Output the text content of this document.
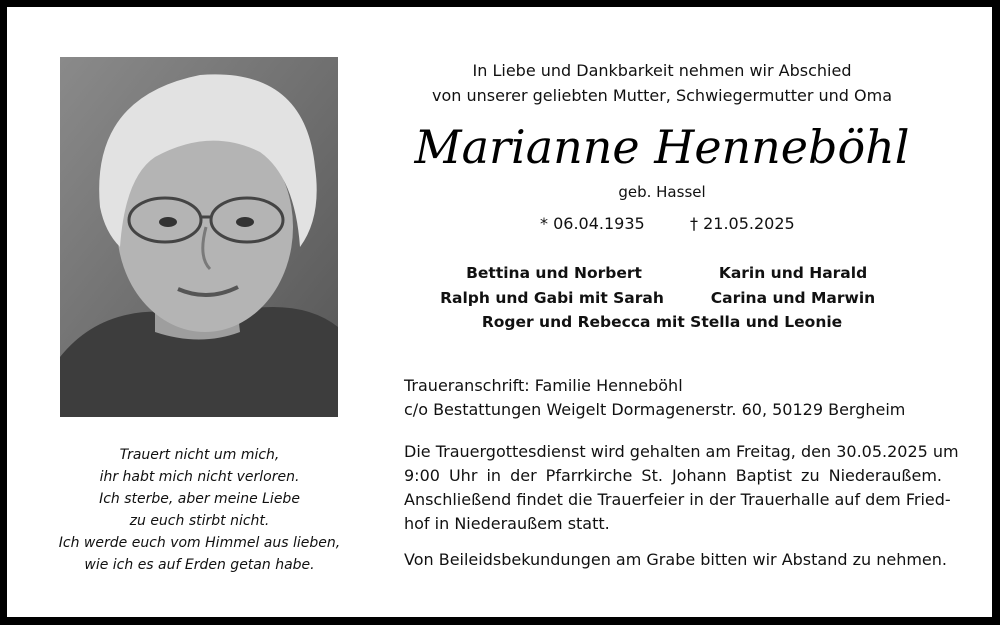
Trauert nicht um mich,
ihr habt mich nicht verloren.
Ich sterbe, aber meine Liebe
zu euch stirbt nicht.
Ich werde euch vom Himmel aus lieben,
wie ich es auf Erden getan habe.
In Liebe und Dankbarkeit nehmen wir Abschied
von unserer geliebten Mutter, Schwiegermutter und Oma
Marianne Henneböhl
geb. Hassel
* 06.04.1935	† 21.05.2025
Bettina und Norbert	Karin und Harald
Ralph und Gabi mit Sarah	Carina und Marwin
Roger und Rebecca mit Stella und Leonie
Traueranschrift: Familie Henneböhl
c/o Bestattungen Weigelt Dormagenerstr. 60, 50129 Bergheim
Die Trauergottesdienst wird gehalten am Freitag, den 30.05.2025 um
9:00 Uhr in der Pfarrkirche St. Johann Baptist zu Niederaußem.
Anschließend findet die Trauerfeier in der Trauerhalle auf dem Fried-
hof in Niederaußem statt.
Von Beileidsbekundungen am Grabe bitten wir Abstand zu nehmen.
